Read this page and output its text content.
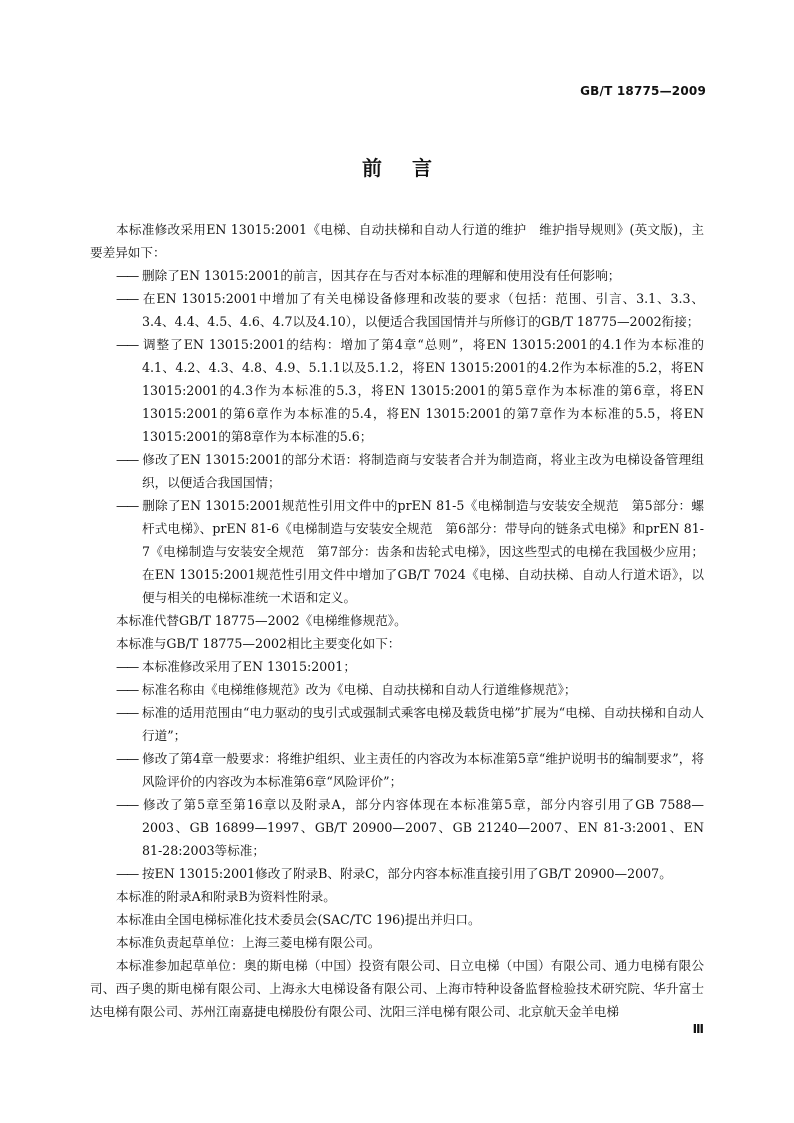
GB/T 18775—2009
前言

本标准修改采用EN 13015:2001《电梯、自动扶梯和自动人行道的维护　维护指导规则》(英文版)，主要差异如下：

—— 删除了EN 13015:2001的前言，因其存在与否对本标准的理解和使用没有任何影响；

—— 在EN 13015:2001中增加了有关电梯设备修理和改装的要求（包括：范围、引言、3.1、3.3、3.4、4.4、4.5、4.6、4.7以及4.10），以便适合我国国情并与所修订的GB/T 18775—2002衔接；

—— 调整了EN 13015:2001的结构：增加了第4章“总则”，将EN 13015:2001的4.1作为本标准的4.1、4.2、4.3、4.8、4.9、5.1.1以及5.1.2，将EN 13015:2001的4.2作为本标准的5.2，将EN 13015:2001的4.3作为本标准的5.3，将EN 13015:2001的第5章作为本标准的第6章，将EN 13015:2001的第6章作为本标准的5.4，将EN 13015:2001的第7章作为本标准的5.5，将EN 13015:2001的第8章作为本标准的5.6；

—— 修改了EN 13015:2001的部分术语：将制造商与安装者合并为制造商，将业主改为电梯设备管理组织，以便适合我国国情；

—— 删除了EN 13015:2001规范性引用文件中的prEN 81-5《电梯制造与安装安全规范　第5部分：螺杆式电梯》、prEN 81-6《电梯制造与安装安全规范　第6部分：带导向的链条式电梯》和prEN 81-7《电梯制造与安装安全规范　第7部分：齿条和齿轮式电梯》，因这些型式的电梯在我国极少应用；在EN 13015:2001规范性引用文件中增加了GB/T 7024《电梯、自动扶梯、自动人行道术语》，以便与相关的电梯标准统一术语和定义。

本标准代替GB/T 18775—2002《电梯维修规范》。

本标准与GB/T 18775—2002相比主要变化如下：

—— 本标准修改采用了EN 13015:2001；

—— 标准名称由《电梯维修规范》改为《电梯、自动扶梯和自动人行道维修规范》；

—— 标准的适用范围由“电力驱动的曳引式或强制式乘客电梯及载货电梯”扩展为“电梯、自动扶梯和自动人行道”；

—— 修改了第4章一般要求：将维护组织、业主责任的内容改为本标准第5章“维护说明书的编制要求”，将风险评价的内容改为本标准第6章“风险评价”；

—— 修改了第5章至第16章以及附录A，部分内容体现在本标准第5章，部分内容引用了GB 7588—2003、GB 16899—1997、GB/T 20900—2007、GB 21240—2007、EN 81-3:2001、EN 81-28:2003等标准；

—— 按EN 13015:2001修改了附录B、附录C，部分内容本标准直接引用了GB/T 20900—2007。

本标准的附录A和附录B为资料性附录。

本标准由全国电梯标准化技术委员会(SAC/TC 196)提出并归口。

本标准负责起草单位：上海三菱电梯有限公司。

本标准参加起草单位：奥的斯电梯（中国）投资有限公司、日立电梯（中国）有限公司、通力电梯有限公司、西子奥的斯电梯有限公司、上海永大电梯设备有限公司、上海市特种设备监督检验技术研究院、华升富士达电梯有限公司、苏州江南嘉捷电梯股份有限公司、沈阳三洋电梯有限公司、北京航天金羊电梯

Ⅲ
